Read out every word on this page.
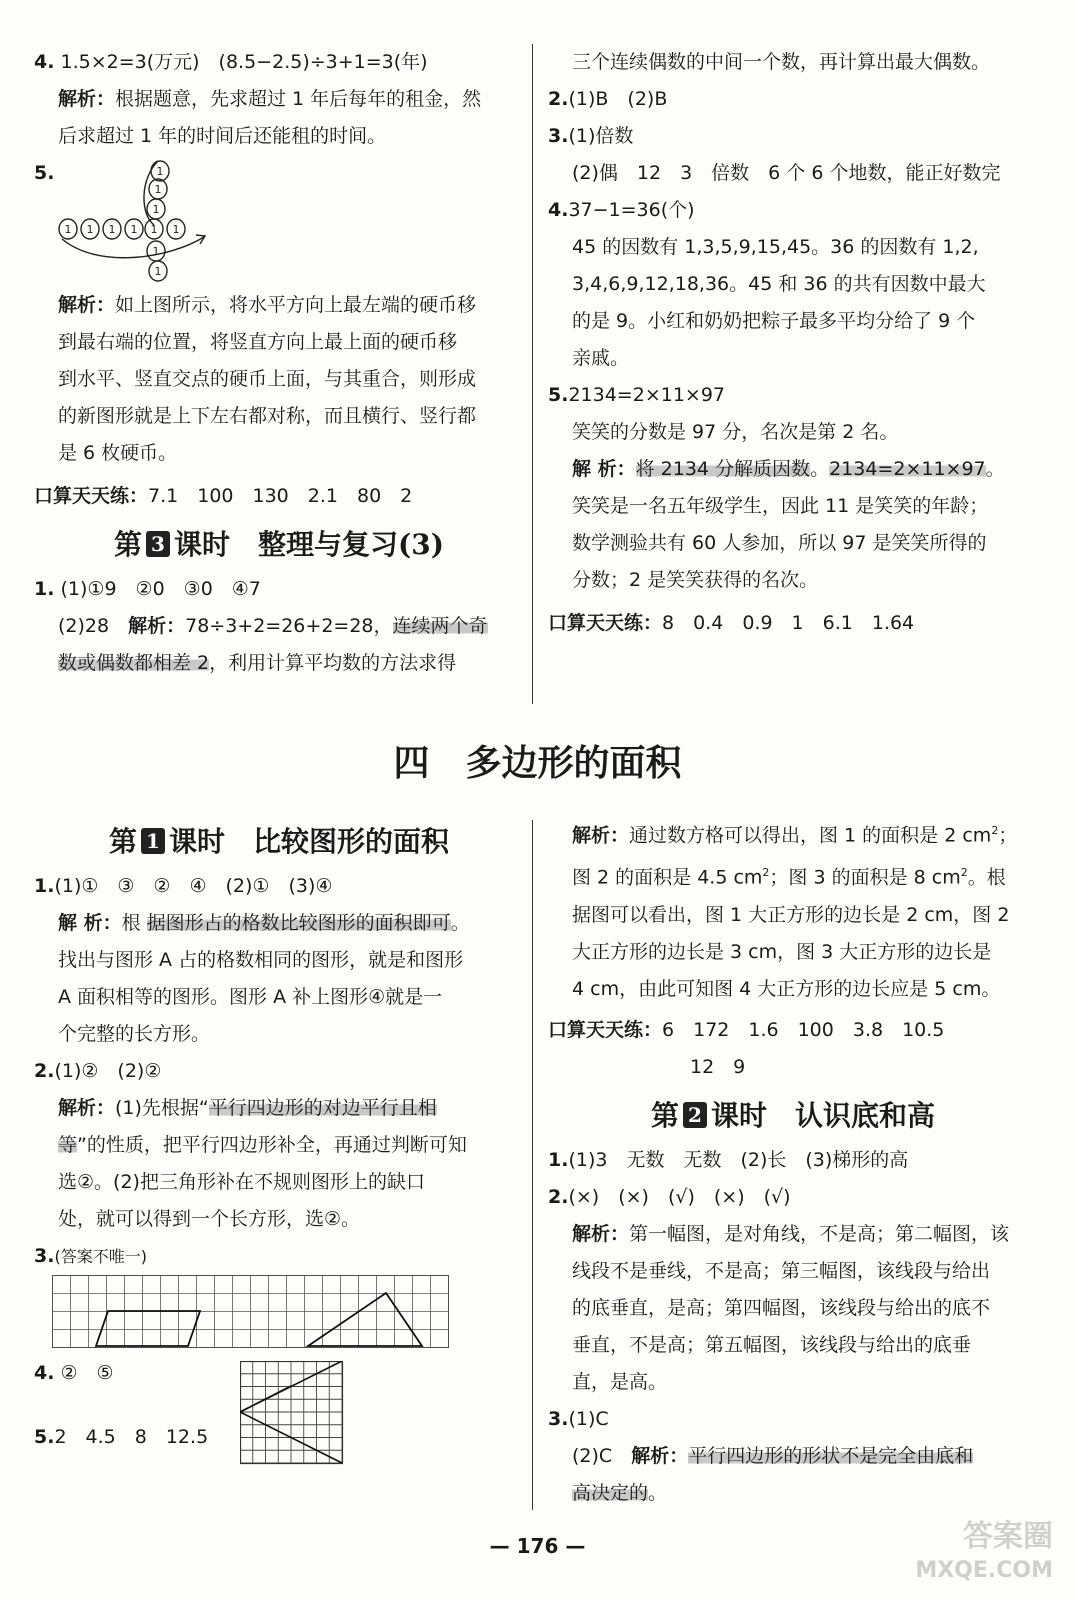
4. 1.5×2=3(万元)　(8.5−2.5)÷3+1=3(年)
解析：根据题意，先求超过 1 年后每年的租金，然
后求超过 1 年的时间后还能租的时间。
5.	1
1
1
1 1 1 1 1 1
1
1
解析：如上图所示，将水平方向上最左端的硬币移
到最右端的位置，将竖直方向上最上面的硬币移
到水平、竖直交点的硬币上面，与其重合，则形成
的新图形就是上下左右都对称，而且横行、竖行都
是 6 枚硬币。
口算天天练：7.1　100　130　2.1　80　2
第 3 课时　整理与复习(3)
1. (1)①9　②0　③0　④7
(2)28　解析：78÷3+2=26+2=28，连续两个奇
数或偶数都相差 2，利用计算平均数的方法求得
三个连续偶数的中间一个数，再计算出最大偶数。
2.(1)B　(2)B
3.(1)倍数
(2)偶　12　3　倍数　6 个 6 个地数，能正好数完
4.37−1=36(个)
45 的因数有 1,3,5,9,15,45。36 的因数有 1,2,
3,4,6,9,12,18,36。45 和 36 的共有因数中最大
的是 9。小红和奶奶把粽子最多平均分给了 9 个
亲戚。
5.2134=2×11×97
笑笑的分数是 97 分，名次是第 2 名。
解 析：将 2134 分解质因数。2134=2×11×97。
笑笑是一名五年级学生，因此 11 是笑笑的年龄；
数学测验共有 60 人参加，所以 97 是笑笑所得的
分数；2 是笑笑获得的名次。
口算天天练：8　0.4　0.9　1　6.1　1.64
四　多边形的面积
第 1 课时　比较图形的面积
1.(1)①　③　②　④　(2)①　(3)④
解 析：根 据图形占的格数比较图形的面积即可。
找出与图形 A 占的格数相同的图形，就是和图形
A 面积相等的图形。图形 A 补上图形④就是一
个完整的长方形。
2.(1)②　(2)②
解析：(1)先根据“平行四边形的对边平行且相
等”的性质，把平行四边形补全，再通过判断可知
选②。(2)把三角形补在不规则图形上的缺口
处，就可以得到一个长方形，选②。
3.(答案不唯一)
4. ②　⑤
5.2　4.5　8　12.5
解析：通过数方格可以得出，图 1 的面积是 2 $cm^2$；
图 2 的面积是 4.5 $cm^2$；图 3 的面积是 8 $cm^2$。根
据图可以看出，图 1 大正方形的边长是 2 cm，图 2
大正方形的边长是 3 cm，图 3 大正方形的边长是
4 cm，由此可知图 4 大正方形的边长应是 5 cm。
口算天天练：6　172　1.6　100　3.8　10.5
12　9
第 2 课时　认识底和高
1.(1)3　无数　无数　(2)长　(3)梯形的高
2.(×)　(×)　(√)　(×)　(√)
解析：第一幅图，是对角线，不是高；第二幅图，该
线段不是垂线，不是高；第三幅图，该线段与给出
的底垂直，是高；第四幅图，该线段与给出的底不
垂直，不是高；第五幅图，该线段与给出的底垂
直，是高。
3.(1)C
(2)C　解析：平行四边形的形状不是完全由底和
高决定的。
— 176 —	答案圈
MXQE.COM
